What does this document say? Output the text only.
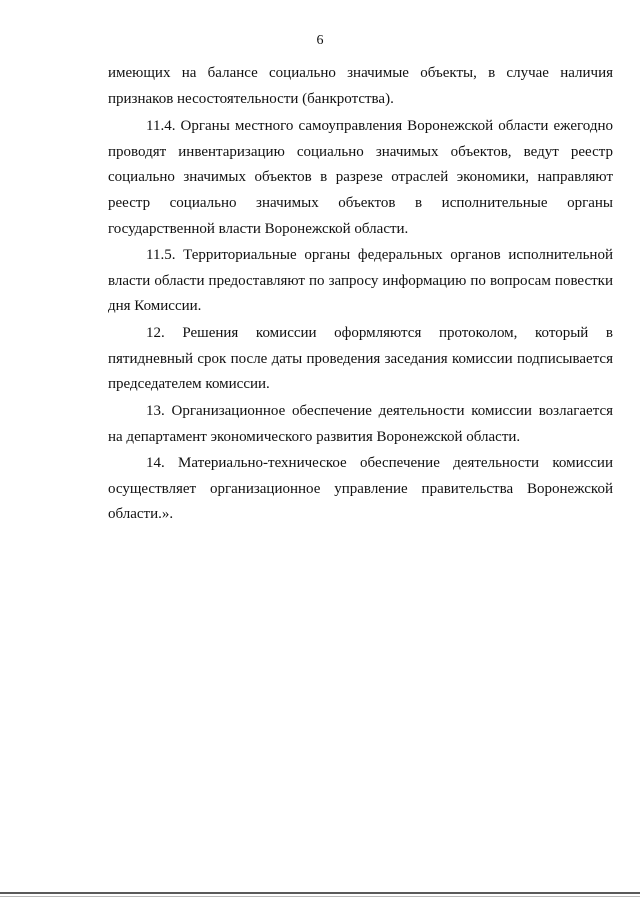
6

имеющих на балансе социально значимые объекты, в случае наличия признаков несостоятельности (банкротства).

11.4. Органы местного самоуправления Воронежской области ежегодно проводят инвентаризацию социально значимых объектов, ведут реестр социально значимых объектов в разрезе отраслей экономики, направляют реестр социально значимых объектов в исполнительные органы государственной власти Воронежской области.

11.5. Территориальные органы федеральных органов исполнительной власти области предоставляют по запросу информацию по вопросам повестки дня Комиссии.

12. Решения комиссии оформляются протоколом, который в пятидневный срок после даты проведения заседания комиссии подписывается председателем комиссии.

13. Организационное обеспечение деятельности комиссии возлагается на департамент экономического развития Воронежской области.

14. Материально-техническое обеспечение деятельности комиссии осуществляет организационное управление правительства Воронежской области.».
